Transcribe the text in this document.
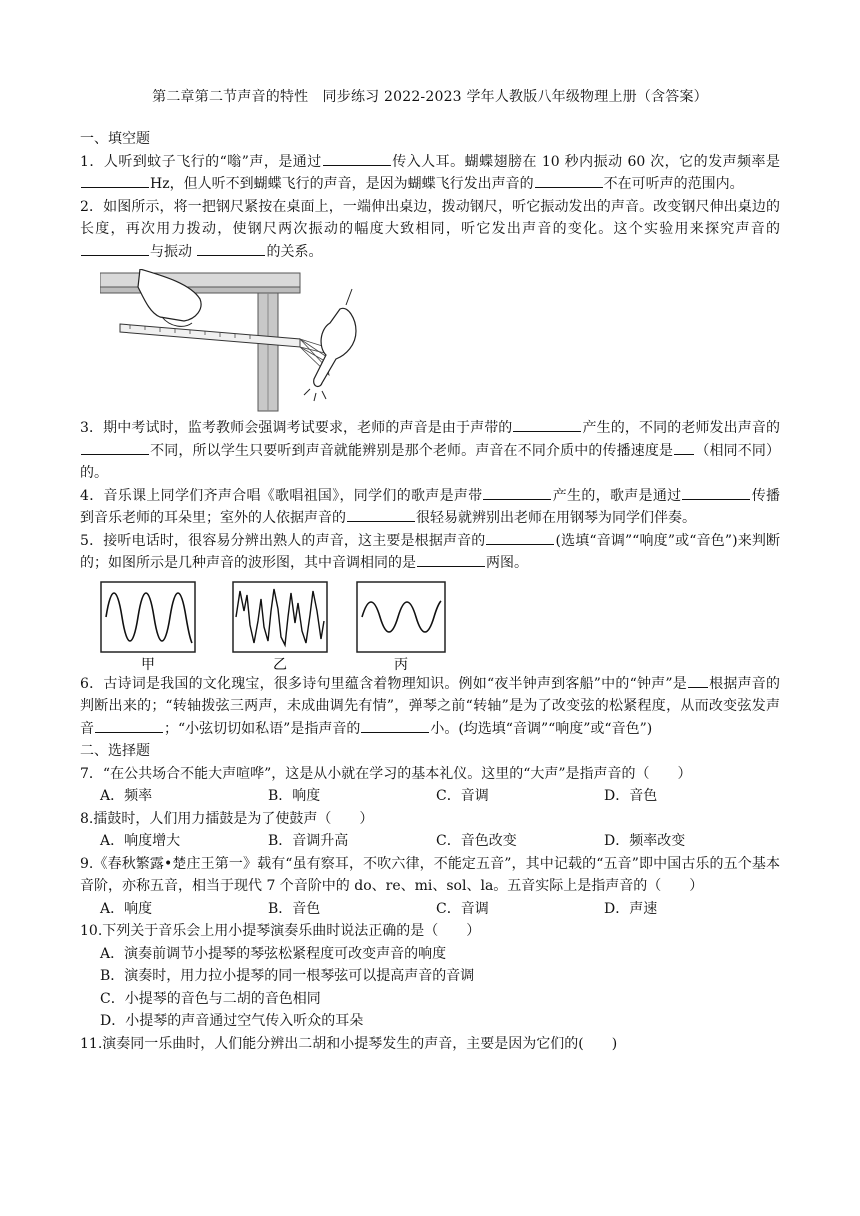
第二章第二节声音的特性　同步练习 2022-2023 学年人教版八年级物理上册（含答案）

一、填空题

1．人听到蚊子飞行的“嗡”声，是通过	传入人耳。蝴蝶翅膀在 10 秒内振动 60 次，它的发声频率是Hz，但人听不到蝴蝶飞行的声音，是因为蝴蝶飞行发出声音的	不在可听声的范围内。

2．如图所示，将一把钢尺紧按在桌面上，一端伸出桌边，拨动钢尺，听它振动发出的声音。改变钢尺伸出桌边的长度，再次用力拨动，使钢尺两次振动的幅度大致相同，听它发出声音的变化。这个实验用来探究声音的与振动	的关系。

3．期中考试时，监考教师会强调考试要求，老师的声音是由于声带的	产生的，不同的老师发出声音的不同，所以学生只要听到声音就能辨别是那个老师。声音在不同介质中的传播速度是 （相同不同）的。

4．音乐课上同学们齐声合唱《歌唱祖国》，同学们的歌声是声带	产生的，歌声是通过	传播到音乐老师的耳朵里；室外的人依据声音的	很轻易就辨别出老师在用钢琴为同学们伴奏。

5．接听电话时，很容易分辨出熟人的声音，这主要是根据声音的	(选填“音调”“响度”或“音色”)来判断的；如图所示是几种声音的波形图，其中音调相同的是	两图。

甲	乙	丙

6．古诗词是我国的文化瑰宝，很多诗句里蕴含着物理知识。例如“夜半钟声到客船”中的“钟声”是 根据声音的判断出来的；“转轴拨弦三两声，未成曲调先有情”，弹琴之前“转轴”是为了改变弦的松紧程度，从而改变弦发声音	；“小弦切切如私语”是指声音的	小。(均选填“音调”“响度”或“音色”)

二、选择题

7．“在公共场合不能大声喧哗”，这是从小就在学习的基本礼仪。这里的“大声”是指声音的（　　）

A．频率	B．响度	C．音调	D．音色

8.擂鼓时，人们用力擂鼓是为了使鼓声（　　）

A．响度增大	B．音调升高	C．音色改变	D．频率改变

9.《春秋繁露•楚庄王第一》载有“虽有察耳，不吹六律，不能定五音”，其中记载的“五音”即中国古乐的五个基本音阶，亦称五音，相当于现代 7 个音阶中的 do、re、mi、sol、la。五音实际上是指声音的（　　）

A．响度	B．音色	C．音调	D．声速

10.下列关于音乐会上用小提琴演奏乐曲时说法正确的是（　　）

A．演奏前调节小提琴的琴弦松紧程度可改变声音的响度

B．演奏时，用力拉小提琴的同一根琴弦可以提高声音的音调

C．小提琴的音色与二胡的音色相同

D．小提琴的声音通过空气传入听众的耳朵

11.演奏同一乐曲时，人们能分辨出二胡和小提琴发生的声音，主要是因为它们的(　　)
